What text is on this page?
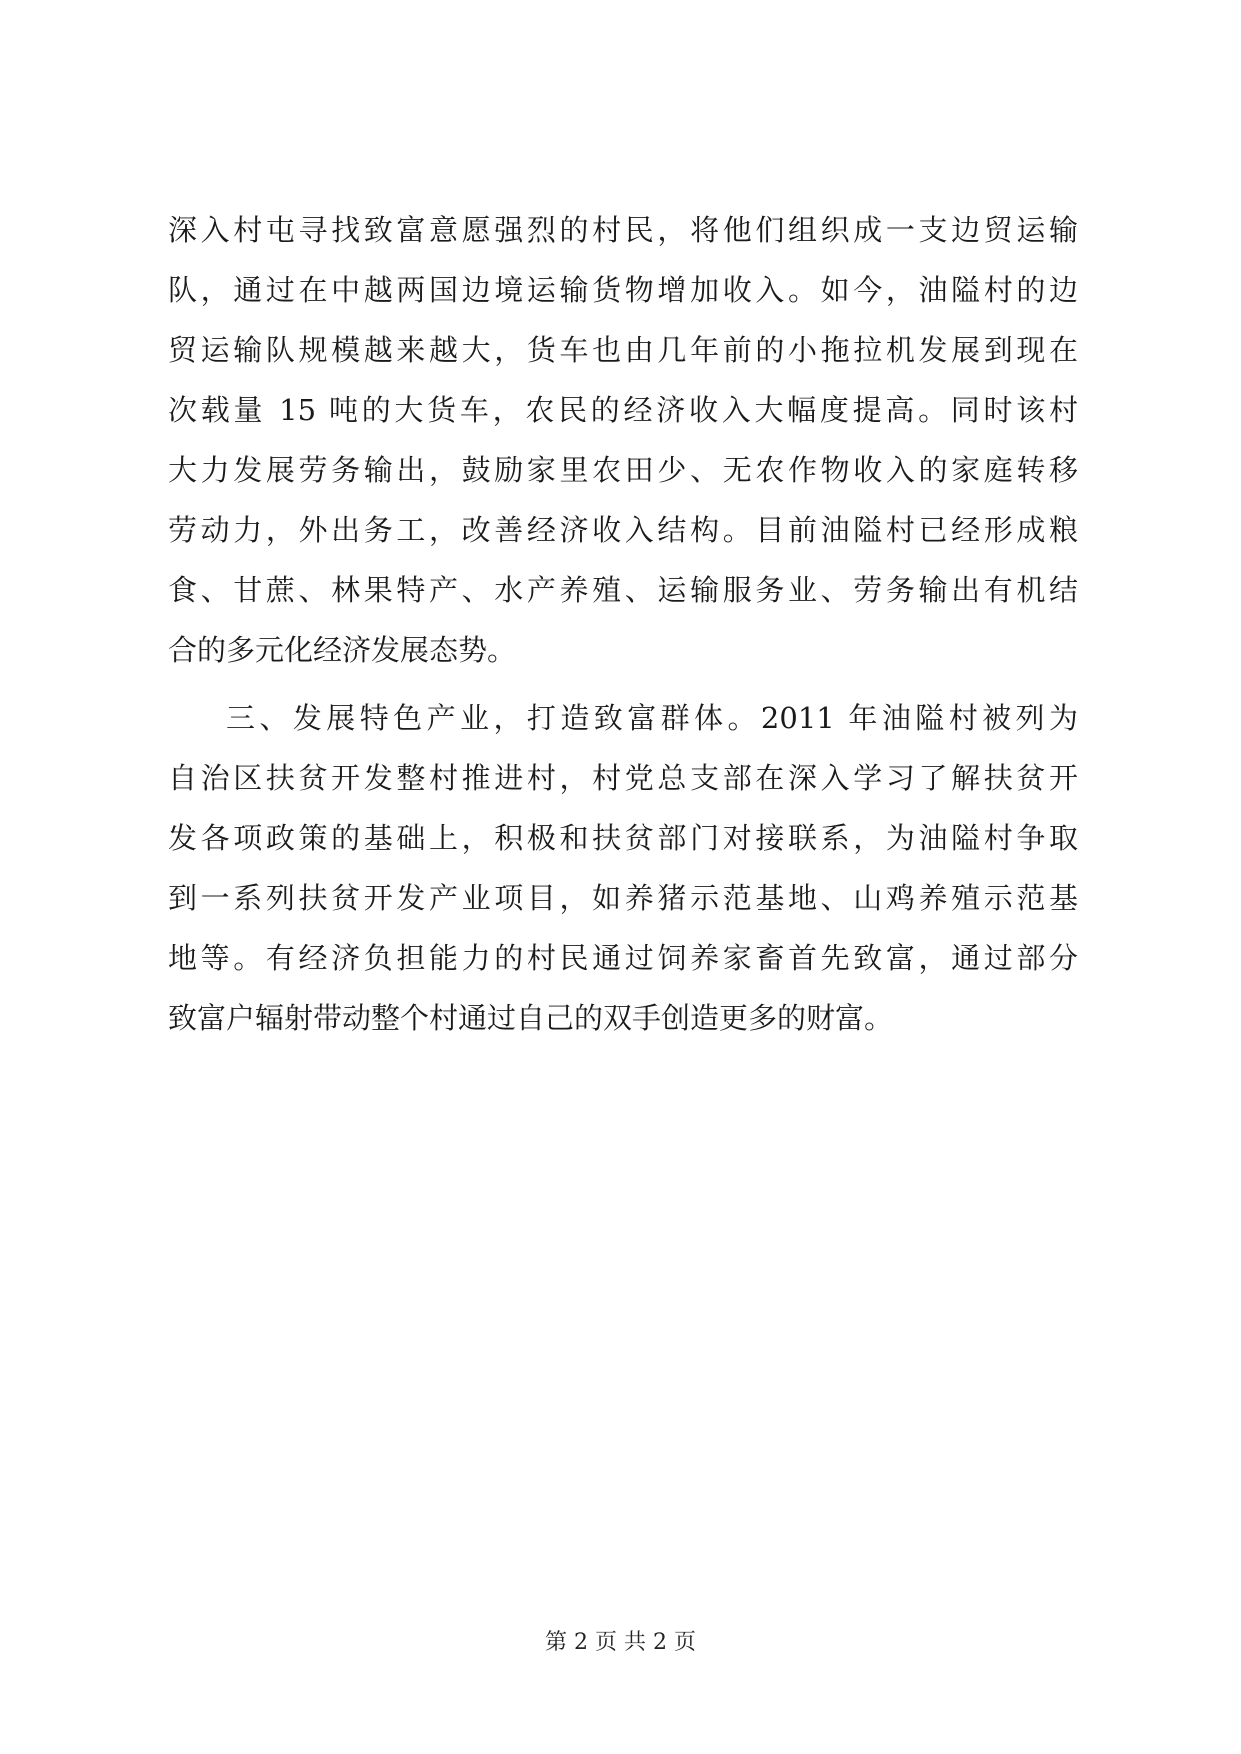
深入村屯寻找致富意愿强烈的村民，将他们组织成一支边贸运输
队，通过在中越两国边境运输货物增加收入。如今，油隘村的边
贸运输队规模越来越大，货车也由几年前的小拖拉机发展到现在
次载量 15 吨的大货车，农民的经济收入大幅度提高。同时该村
大力发展劳务输出，鼓励家里农田少、无农作物收入的家庭转移
劳动力，外出务工，改善经济收入结构。目前油隘村已经形成粮
食、甘蔗、林果特产、水产养殖、运输服务业、劳务输出有机结
合的多元化经济发展态势。
三、发展特色产业，打造致富群体。2011 年油隘村被列为
自治区扶贫开发整村推进村，村党总支部在深入学习了解扶贫开
发各项政策的基础上，积极和扶贫部门对接联系，为油隘村争取
到一系列扶贫开发产业项目，如养猪示范基地、山鸡养殖示范基
地等。有经济负担能力的村民通过饲养家畜首先致富，通过部分
致富户辐射带动整个村通过自己的双手创造更多的财富。
第 2 页 共 2 页
